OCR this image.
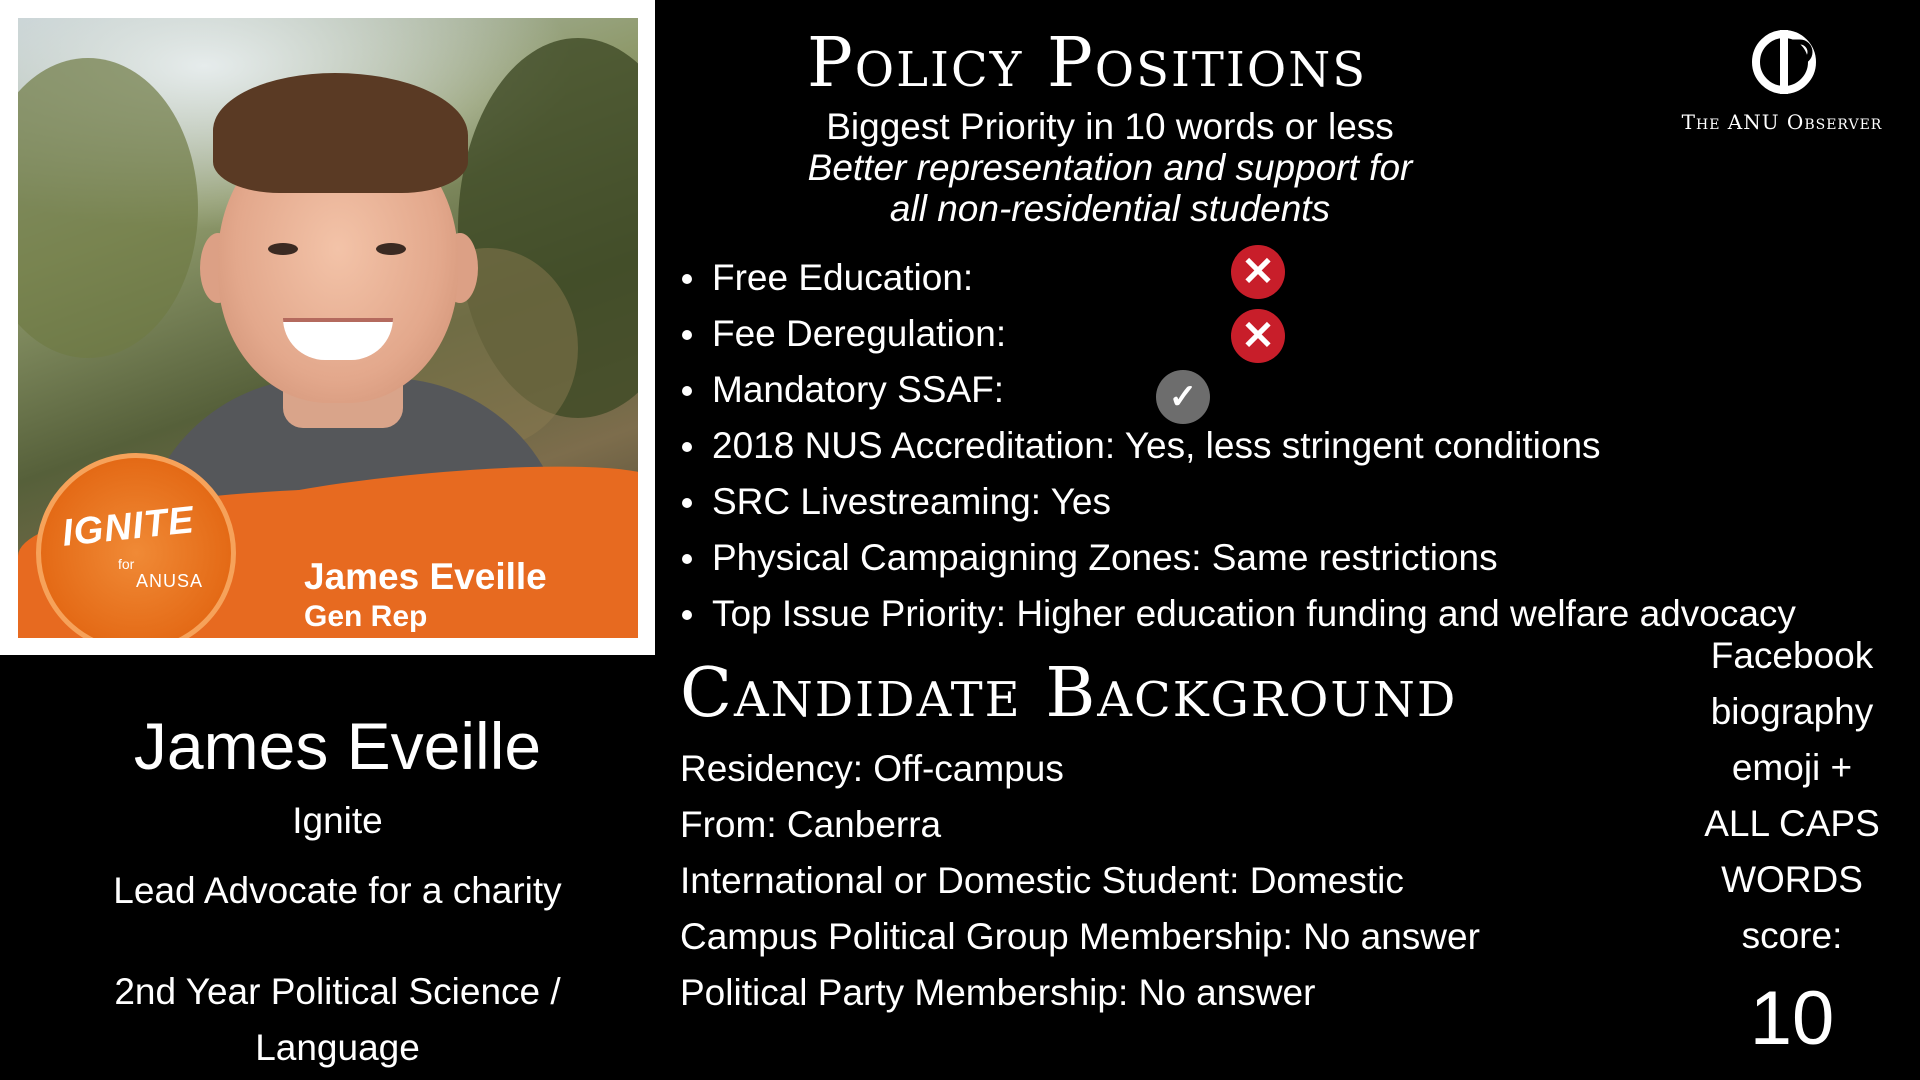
IGNITE
for
ANUSA	James Eveille
Gen Rep
James Eveille
Ignite
Lead Advocate for a charity
2nd Year Political Science /
Language
Policy Positions
Biggest Priority in 10 words or less
Better representation and support for
all non-residential students
Free Education:
Fee Deregulation:
Mandatory SSAF:
2018 NUS Accreditation: Yes, less stringent conditions
SRC Livestreaming: Yes
Physical Campaigning Zones: Same restrictions
Top Issue Priority: Higher education funding and welfare advocacy
✕
✕
✓
Candidate Background
Residency: Off-campus
From: Canberra
International or Domestic Student: Domestic
Campus Political Group Membership: No answer
Political Party Membership: No answer
The ANU Observer
Facebook
biography
emoji +
ALL CAPS
WORDS
score:
10
